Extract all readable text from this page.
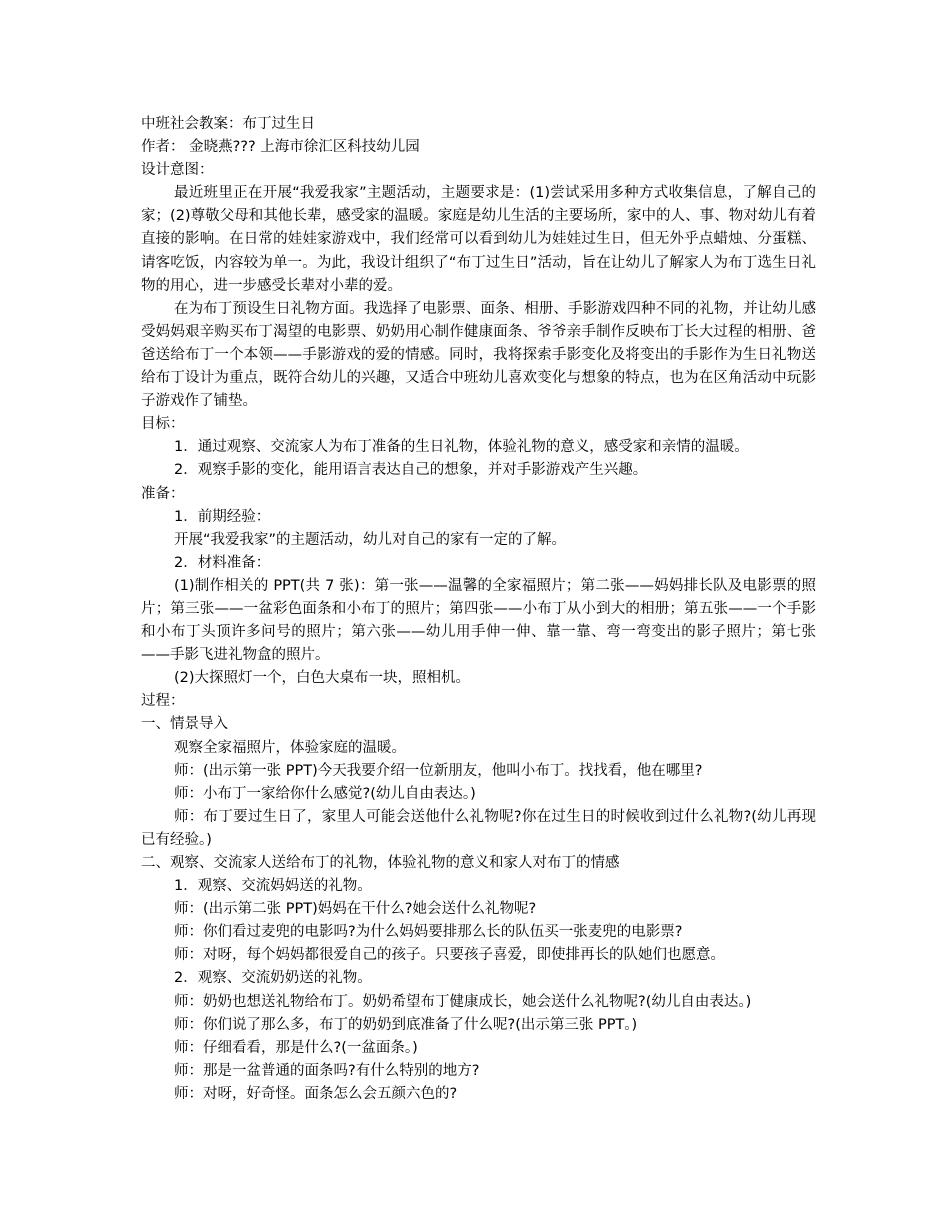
中班社会教案：布丁过生日

作者： 金晓燕??? 上海市徐汇区科技幼儿园

设计意图：

最近班里正在开展“我爱我家”主题活动，主题要求是：(1)尝试采用多种方式收集信息，了解自己的家；(2)尊敬父母和其他长辈，感受家的温暖。家庭是幼儿生活的主要场所，家中的人、事、物对幼儿有着直接的影响。在日常的娃娃家游戏中，我们经常可以看到幼儿为娃娃过生日，但无外乎点蜡烛、分蛋糕、请客吃饭，内容较为单一。为此，我设计组织了“布丁过生日”活动，旨在让幼儿了解家人为布丁选生日礼物的用心，进一步感受长辈对小辈的爱。

在为布丁预设生日礼物方面。我选择了电影票、面条、相册、手影游戏四种不同的礼物，并让幼儿感受妈妈艰辛购买布丁渴望的电影票、奶奶用心制作健康面条、爷爷亲手制作反映布丁长大过程的相册、爸爸送给布丁一个本领——手影游戏的爱的情感。同时，我将探索手影变化及将变出的手影作为生日礼物送给布丁设计为重点，既符合幼儿的兴趣，又适合中班幼儿喜欢变化与想象的特点，也为在区角活动中玩影子游戏作了铺垫。

目标：

1．通过观察、交流家人为布丁准备的生日礼物，体验礼物的意义，感受家和亲情的温暖。

2．观察手影的变化，能用语言表达自己的想象，并对手影游戏产生兴趣。

准备：

1．前期经验：

开展“我爱我家”的主题活动，幼儿对自己的家有一定的了解。

2．材料准备：

(1)制作相关的 PPT(共 7 张)：第一张——温馨的全家福照片；第二张——妈妈排长队及电影票的照片；第三张——一盆彩色面条和小布丁的照片；第四张——小布丁从小到大的相册；第五张——一个手影和小布丁头顶许多问号的照片；第六张——幼儿用手伸一伸、靠一靠、弯一弯变出的影子照片；第七张——手影飞进礼物盒的照片。

(2)大探照灯一个，白色大桌布一块，照相机。

过程：

一、情景导入

观察全家福照片，体验家庭的温暖。

师：(出示第一张 PPT)今天我要介绍一位新朋友，他叫小布丁。找找看，他在哪里?

师：小布丁一家给你什么感觉?(幼儿自由表达。)

师：布丁要过生日了，家里人可能会送他什么礼物呢?你在过生日的时候收到过什么礼物?(幼儿再现已有经验。)

二、观察、交流家人送给布丁的礼物，体验礼物的意义和家人对布丁的情感

1．观察、交流妈妈送的礼物。

师：(出示第二张 PPT)妈妈在干什么?她会送什么礼物呢?

师：你们看过麦兜的电影吗?为什么妈妈要排那么长的队伍买一张麦兜的电影票?

师：对呀，每个妈妈都很爱自己的孩子。只要孩子喜爱，即使排再长的队她们也愿意。

2．观察、交流奶奶送的礼物。

师：奶奶也想送礼物给布丁。奶奶希望布丁健康成长，她会送什么礼物呢?(幼儿自由表达。)

师：你们说了那么多，布丁的奶奶到底准备了什么呢?(出示第三张 PPT。)

师：仔细看看，那是什么?(一盆面条。)

师：那是一盆普通的面条吗?有什么特别的地方?

师：对呀，好奇怪。面条怎么会五颜六色的?
